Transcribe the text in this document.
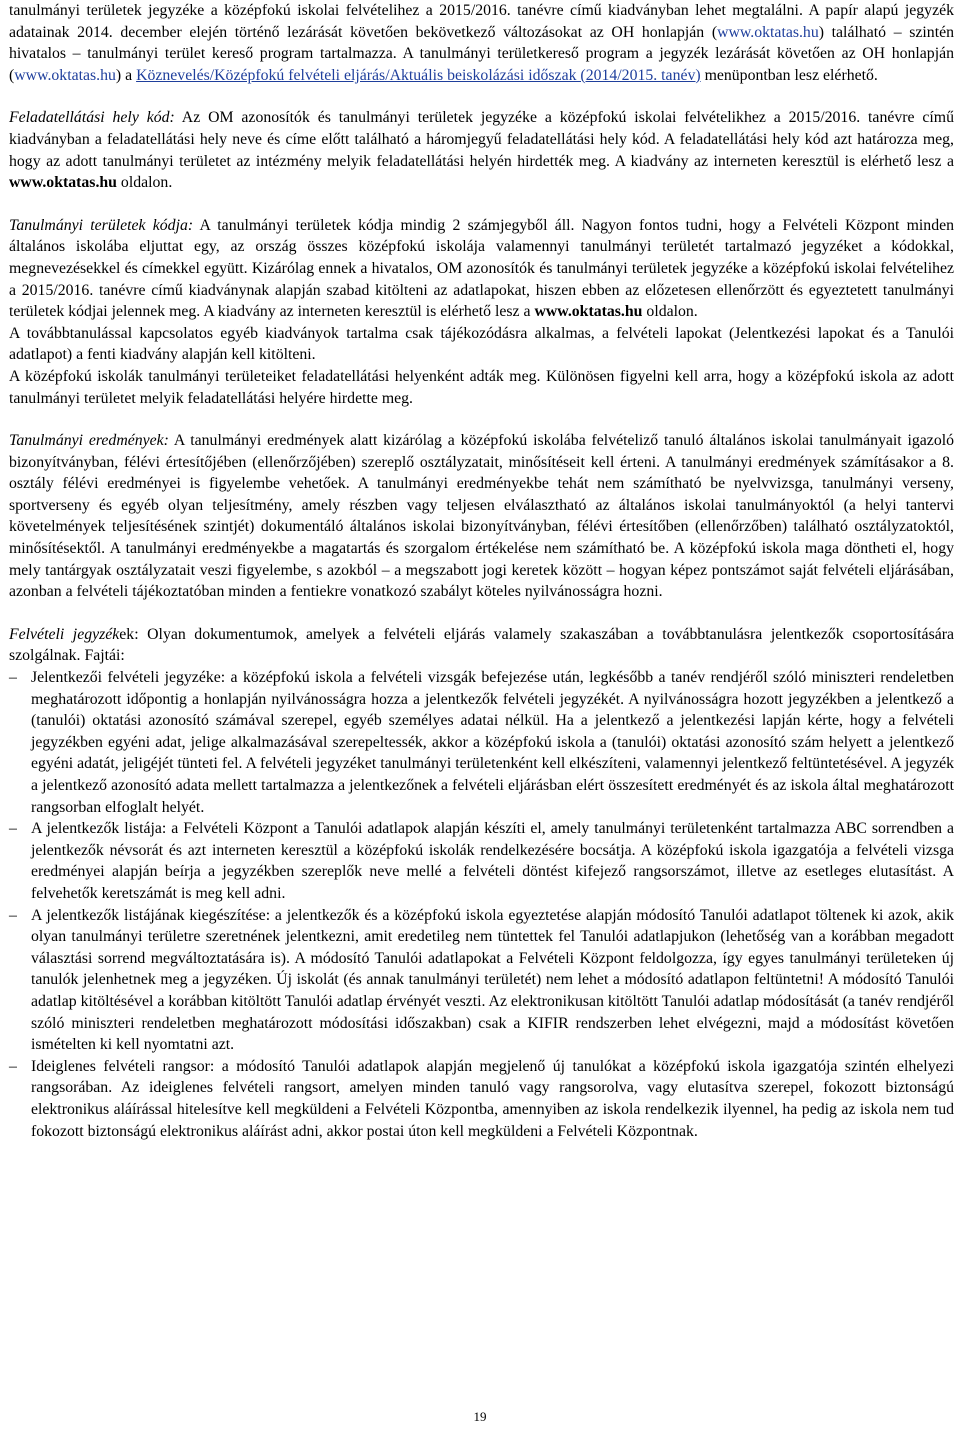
tanulmányi területek jegyzéke a középfokú iskolai felvételihez a 2015/2016. tanévre című kiadványban lehet megtalálni. A papír alapú jegyzék adatainak 2014. december elején történő lezárását követően bekövetkező változásokat az OH honlapján (www.oktatas.hu) található – szintén hivatalos – tanulmányi terület kereső program tartalmazza. A tanulmányi területkereső program a jegyzék lezárását követően az OH honlapján (www.oktatas.hu) a Köznevelés/Középfokú felvételi eljárás/Aktuális beiskolázási időszak (2014/2015. tanév) menüpontban lesz elérhető.

Feladatellátási hely kód: Az OM azonosítók és tanulmányi területek jegyzéke a középfokú iskolai felvételikhez a 2015/2016. tanévre című kiadványban a feladatellátási hely neve és címe előtt található a háromjegyű feladatellátási hely kód. A feladatellátási hely kód azt határozza meg, hogy az adott tanulmányi területet az intézmény melyik feladatellátási helyén hirdették meg. A kiadvány az interneten keresztül is elérhető lesz a www.oktatas.hu oldalon.

Tanulmányi területek kódja: A tanulmányi területek kódja mindig 2 számjegyből áll. Nagyon fontos tudni, hogy a Felvételi Központ minden általános iskolába eljuttat egy, az ország összes középfokú iskolája valamennyi tanulmányi területét tartalmazó jegyzéket a kódokkal, megnevezésekkel és címekkel együtt. Kizárólag ennek a hivatalos, OM azonosítók és tanulmányi területek jegyzéke a középfokú iskolai felvételihez a 2015/2016. tanévre című kiadványnak alapján szabad kitölteni az adatlapokat, hiszen ebben az előzetesen ellenőrzött és egyeztetett tanulmányi területek kódjai jelennek meg. A kiadvány az interneten keresztül is elérhető lesz a www.oktatas.hu oldalon.

A továbbtanulással kapcsolatos egyéb kiadványok tartalma csak tájékozódásra alkalmas, a felvételi lapokat (Jelentkezési lapokat és a Tanulói adatlapot) a fenti kiadvány alapján kell kitölteni.

A középfokú iskolák tanulmányi területeiket feladatellátási helyenként adták meg. Különösen figyelni kell arra, hogy a középfokú iskola az adott tanulmányi területet melyik feladatellátási helyére hirdette meg.

Tanulmányi eredmények: A tanulmányi eredmények alatt kizárólag a középfokú iskolába felvételiző tanuló általános iskolai tanulmányait igazoló bizonyítványban, félévi értesítőjében (ellenőrzőjében) szereplő osztályzatait, minősítéseit kell érteni. A tanulmányi eredmények számításakor a 8. osztály félévi eredményei is figyelembe vehetőek. A tanulmányi eredményekbe tehát nem számítható be nyelvvizsga, tanulmányi verseny, sportverseny és egyéb olyan teljesítmény, amely részben vagy teljesen elválasztható az általános iskolai tanulmányoktól (a helyi tantervi követelmények teljesítésének szintjét) dokumentáló általános iskolai bizonyítványban, félévi értesítőben (ellenőrzőben) található osztályzatoktól, minősítésektől. A tanulmányi eredményekbe a magatartás és szorgalom értékelése nem számítható be. A középfokú iskola maga döntheti el, hogy mely tantárgyak osztályzatait veszi figyelembe, s azokból – a megszabott jogi keretek között – hogyan képez pontszámot saját felvételi eljárásában, azonban a felvételi tájékoztatóban minden a fentiekre vonatkozó szabályt köteles nyilvánosságra hozni.

Felvételi jegyzékek: Olyan dokumentumok, amelyek a felvételi eljárás valamely szakaszában a továbbtanulásra jelentkezők csoportosítására szolgálnak. Fajtái:

– Jelentkezői felvételi jegyzéke: a középfokú iskola a felvételi vizsgák befejezése után, legkésőbb a tanév rendjéről szóló miniszteri rendeletben meghatározott időpontig a honlapján nyilvánosságra hozza a jelentkezők felvételi jegyzékét. A nyilvánosságra hozott jegyzékben a jelentkező a (tanulói) oktatási azonosító számával szerepel, egyéb személyes adatai nélkül. Ha a jelentkező a jelentkezési lapján kérte, hogy a felvételi jegyzékben egyéni adat, jelige alkalmazásával szerepeltessék, akkor a középfokú iskola a (tanulói) oktatási azonosító szám helyett a jelentkező egyéni adatát, jeligéjét tünteti fel. A felvételi jegyzéket tanulmányi területenként kell elkészíteni, valamennyi jelentkező feltüntetésével. A jegyzék a jelentkező azonosító adata mellett tartalmazza a jelentkezőnek a felvételi eljárásban elért összesített eredményét és az iskola által meghatározott rangsorban elfoglalt helyét.
– A jelentkezők listája: a Felvételi Központ a Tanulói adatlapok alapján készíti el, amely tanulmányi területenként tartalmazza ABC sorrendben a jelentkezők névsorát és azt interneten keresztül a középfokú iskolák rendelkezésére bocsátja. A középfokú iskola igazgatója a felvételi vizsga eredményei alapján beírja a jegyzékben szereplők neve mellé a felvételi döntést kifejező rangsorszámot, illetve az esetleges elutasítást. A felvehetők keretszámát is meg kell adni.
– A jelentkezők listájának kiegészítése: a jelentkezők és a középfokú iskola egyeztetése alapján módosító Tanulói adatlapot töltenek ki azok, akik olyan tanulmányi területre szeretnének jelentkezni, amit eredetileg nem tüntettek fel Tanulói adatlapjukon (lehetőség van a korábban megadott választási sorrend megváltoztatására is). A módosító Tanulói adatlapokat a Felvételi Központ feldolgozza, így egyes tanulmányi területeken új tanulók jelenhetnek meg a jegyzéken. Új iskolát (és annak tanulmányi területét) nem lehet a módosító adatlapon feltüntetni! A módosító Tanulói adatlap kitöltésével a korábban kitöltött Tanulói adatlap érvényét veszti. Az elektronikusan kitöltött Tanulói adatlap módosítását (a tanév rendjéről szóló miniszteri rendeletben meghatározott módosítási időszakban) csak a KIFIR rendszerben lehet elvégezni, majd a módosítást követően ismételten ki kell nyomtatni azt.
– Ideiglenes felvételi rangsor: a módosító Tanulói adatlapok alapján megjelenő új tanulókat a középfokú iskola igazgatója szintén elhelyezi rangsorában. Az ideiglenes felvételi rangsort, amelyen minden tanuló vagy rangsorolva, vagy elutasítva szerepel, fokozott biztonságú elektronikus aláírással hitelesítve kell megküldeni a Felvételi Központba, amennyiben az iskola rendelkezik ilyennel, ha pedig az iskola nem tud fokozott biztonságú elektronikus aláírást adni, akkor postai úton kell megküldeni a Felvételi Központnak.
19
